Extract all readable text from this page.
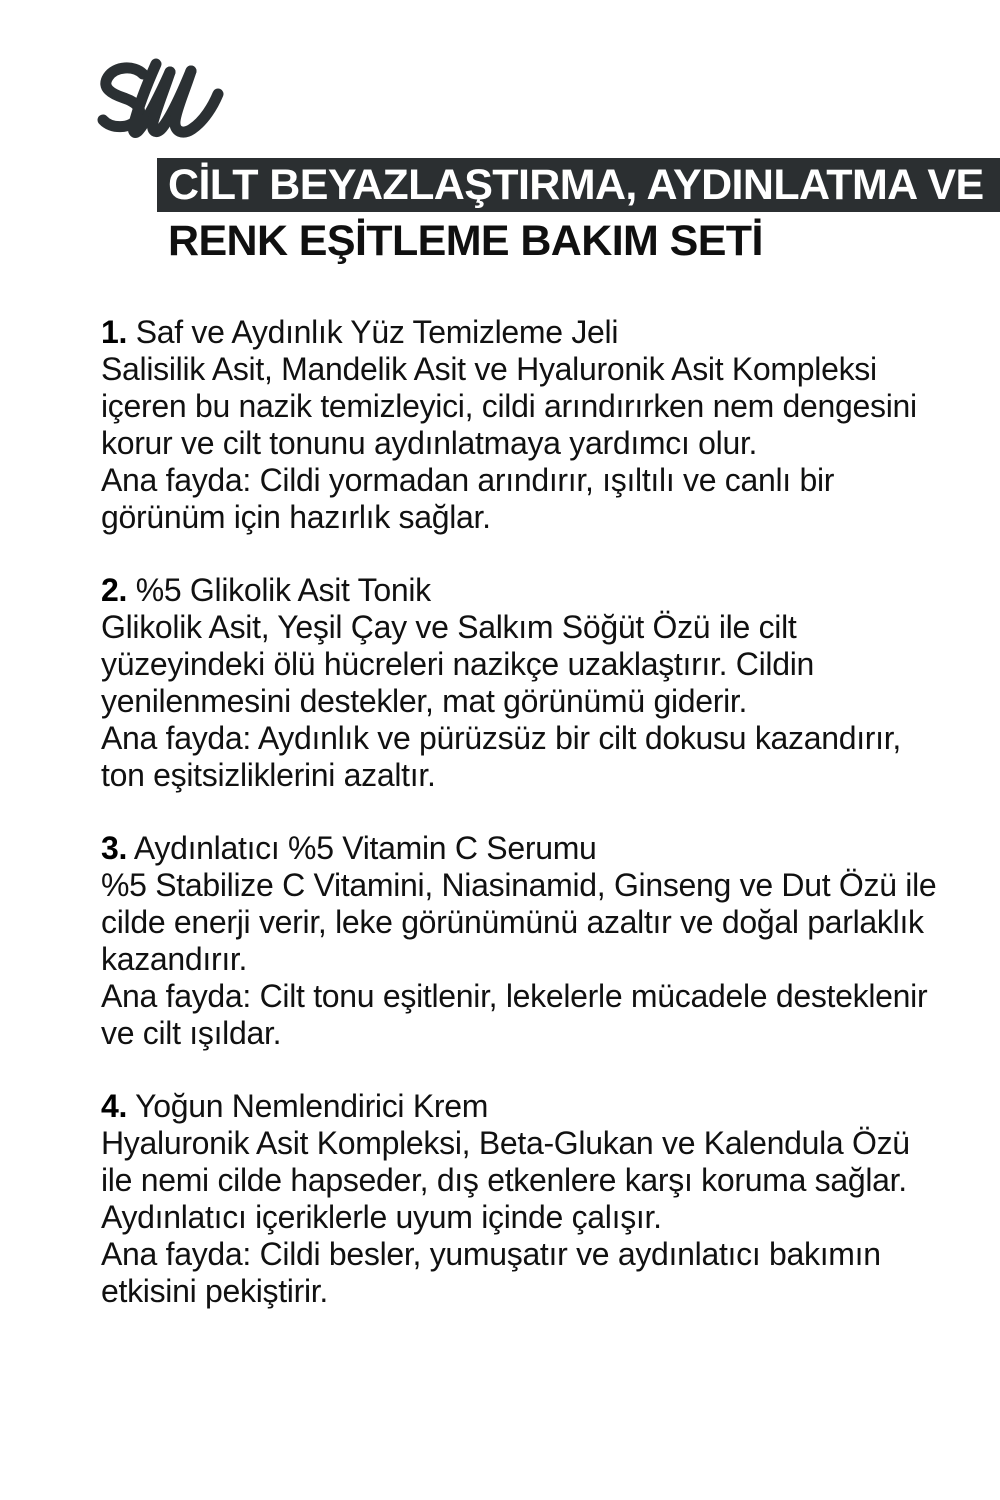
CİLT BEYAZLAŞTIRMA, AYDINLATMA VE
RENK EŞİTLEME BAKIM SETİ

1. Saf ve Aydınlık Yüz Temizleme Jeli

Salisilik Asit, Mandelik Asit ve Hyaluronik Asit Kompleksi içeren bu nazik temizleyici, cildi arındırırken nem dengesini korur ve cilt tonunu aydınlatmaya yardımcı olur.

Ana fayda: Cildi yormadan arındırır, ışıltılı ve canlı bir görünüm için hazırlık sağlar.

2. %5 Glikolik Asit Tonik

Glikolik Asit, Yeşil Çay ve Salkım Söğüt Özü ile cilt yüzeyindeki ölü hücreleri nazikçe uzaklaştırır. Cildin yenilenmesini destekler, mat görünümü giderir.

Ana fayda: Aydınlık ve pürüzsüz bir cilt dokusu kazandırır, ton eşitsizliklerini azaltır.

3. Aydınlatıcı %5 Vitamin C Serumu

%5 Stabilize C Vitamini, Niasinamid, Ginseng ve Dut Özü ile cilde enerji verir, leke görünümünü azaltır ve doğal parlaklık kazandırır.

Ana fayda: Cilt tonu eşitlenir, lekelerle mücadele desteklenir ve cilt ışıldar.

4. Yoğun Nemlendirici Krem

Hyaluronik Asit Kompleksi, Beta-Glukan ve Kalendula Özü ile nemi cilde hapseder, dış etkenlere karşı koruma sağlar. Aydınlatıcı içeriklerle uyum içinde çalışır.

Ana fayda: Cildi besler, yumuşatır ve aydınlatıcı bakımın etkisini pekiştirir.
